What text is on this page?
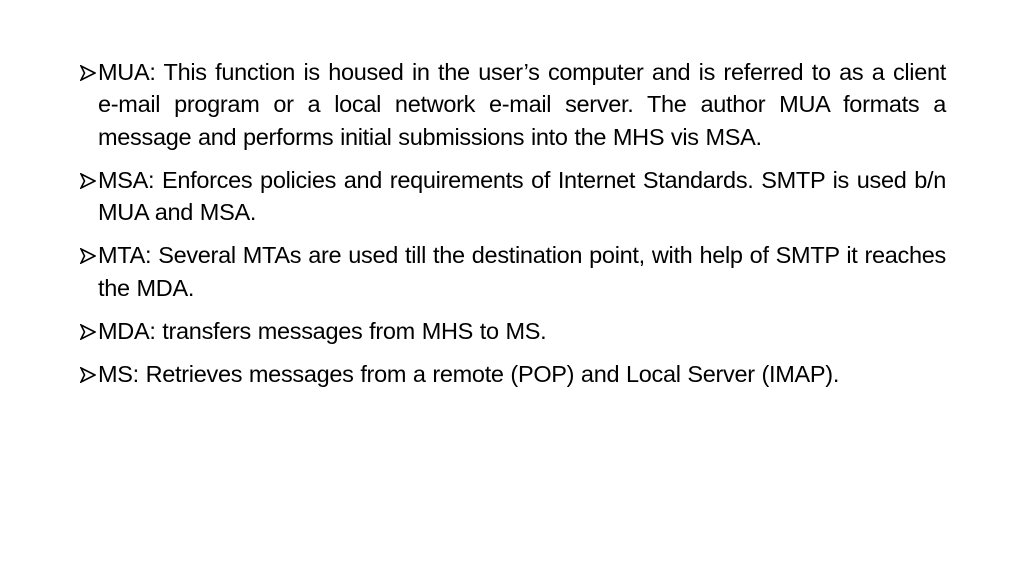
MUA: This function is housed in the user’s computer and is referred to as a client e-mail program or a local network e-mail server. The author MUA formats a message and performs initial submissions into the MHS vis MSA.
MSA: Enforces policies and requirements of Internet Standards. SMTP is used b/n MUA and MSA.
MTA: Several MTAs are used till the destination point, with help of SMTP it reaches the MDA.
MDA: transfers messages from MHS to MS.
MS: Retrieves messages from a remote (POP) and Local Server (IMAP).
